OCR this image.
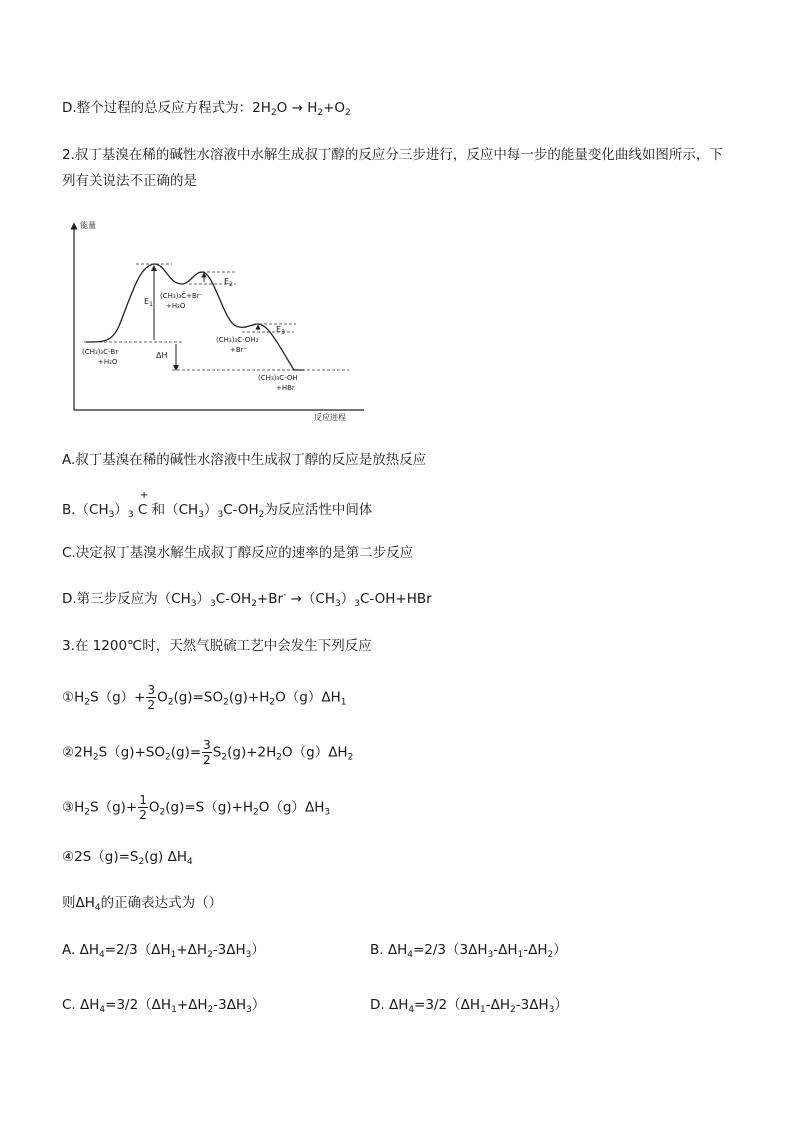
D.整个过程的总反应方程式为：$2H_2O \to H_2+O_2$
2.叔丁基溴在稀的碱性水溶液中水解生成叔丁醇的反应分三步进行，反应中每一步的能量变化曲线如图所示，下列有关说法不正确的是
能量
反应进程
$E_1$
$E_2$
$E_3$
ΔH
(CH₃)₃C-Br
+H₂O
(CH₃)₃C̈+Br⁻
+H₂O
(CH₃)₃C-OH₂
+Br⁻
(CH₃)₃C-OH
+HBr
A.叔丁基溴在稀的碱性水溶液中生成叔丁醇的反应是放热反应
$B.(CH_3)_3$
+
C 和$(CH_3)_3C-OH_2$为反应活性中间体
C.决定叔丁基溴水解生成叔丁醇反应的速率的是第二步反应
D.第三步反应为$(CH_3)_3C-OH_2+Br^- \to(CH_3)_3C-OH+HBr$
3.在 1200℃时，天然气脱硫工艺中会发生下列反应
$①H_2S(g)+ \frac{3}{2} O_2(g)=SO_2(g)+H_2O(g)\Delta H_1$
$②2H_2S(g)+SO_2(g)= \frac{3}{2} S_2(g)+2H_2O(g)\Delta H_2$
$③H_2S(g)+ \frac{1}{2} O_2(g)=S(g)+H_2O(g)\Delta H_3$
$④2S(g)=S_2(g)$ $\Delta H_4$
则$\Delta H_4$的正确表达式为（）
A. $\Delta H_4=2/3(\Delta H_1+\Delta H_2-3\Delta H_3)$	B. $\Delta H_4=2/3(3\Delta H_3-\Delta H_1-\Delta H_2)$
C. $\Delta H_4=3/2(\Delta H_1+\Delta H_2-3\Delta H_3)$	D. $\Delta H_4=3/2(\Delta H_1-\Delta H_2-3\Delta H_3)$
